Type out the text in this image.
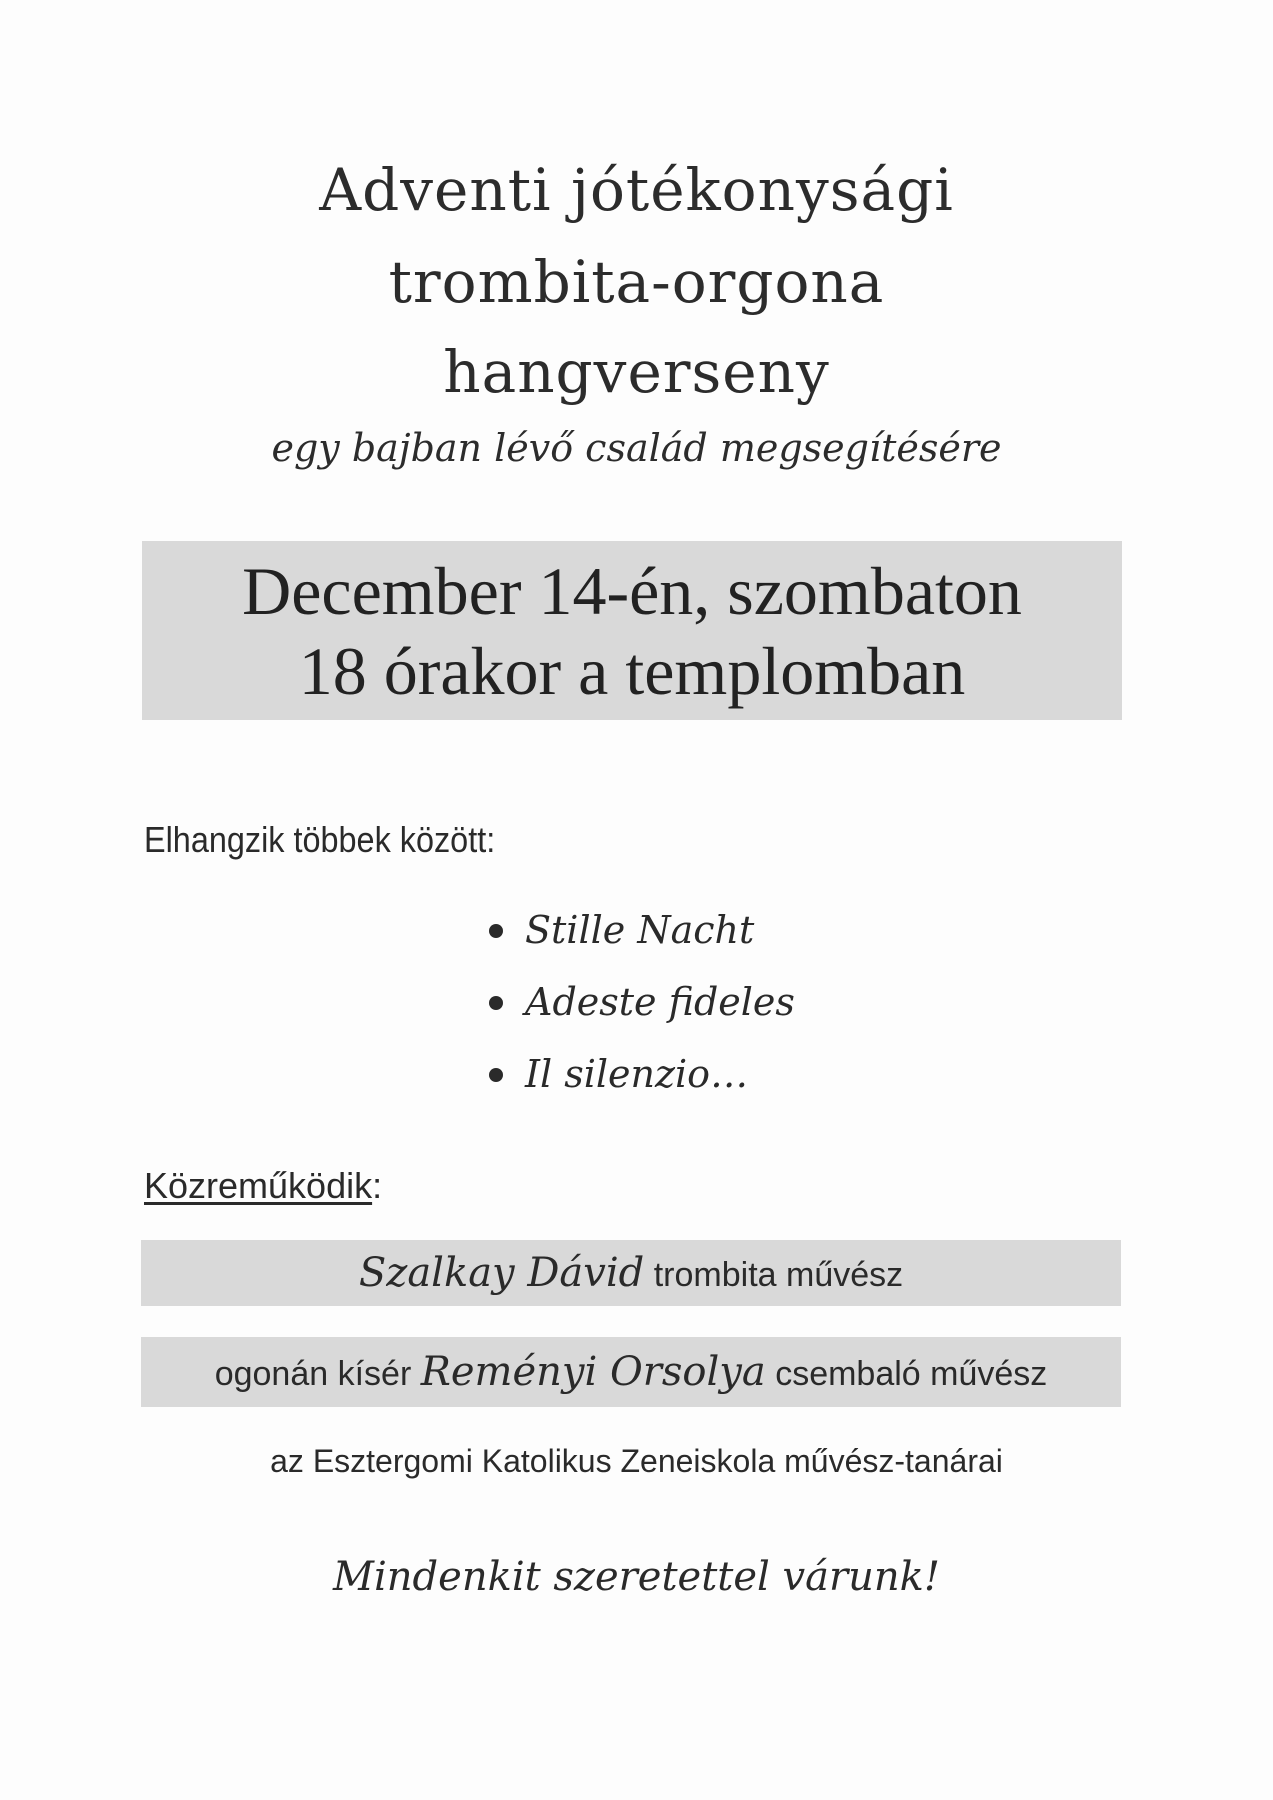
Adventi jótékonysági
trombita-orgona
hangverseny
egy bajban lévő család megsegítésére
December 14-én, szombaton
18 órakor a templomban
Elhangzik többek között:
Stille Nacht
Adeste fideles
Il silenzio…
Közreműködik:
Szalkay Dávid trombita művész
ogonán kísér Reményi Orsolya csembaló művész
az Esztergomi Katolikus Zeneiskola művész-tanárai
Mindenkit szeretettel várunk!
